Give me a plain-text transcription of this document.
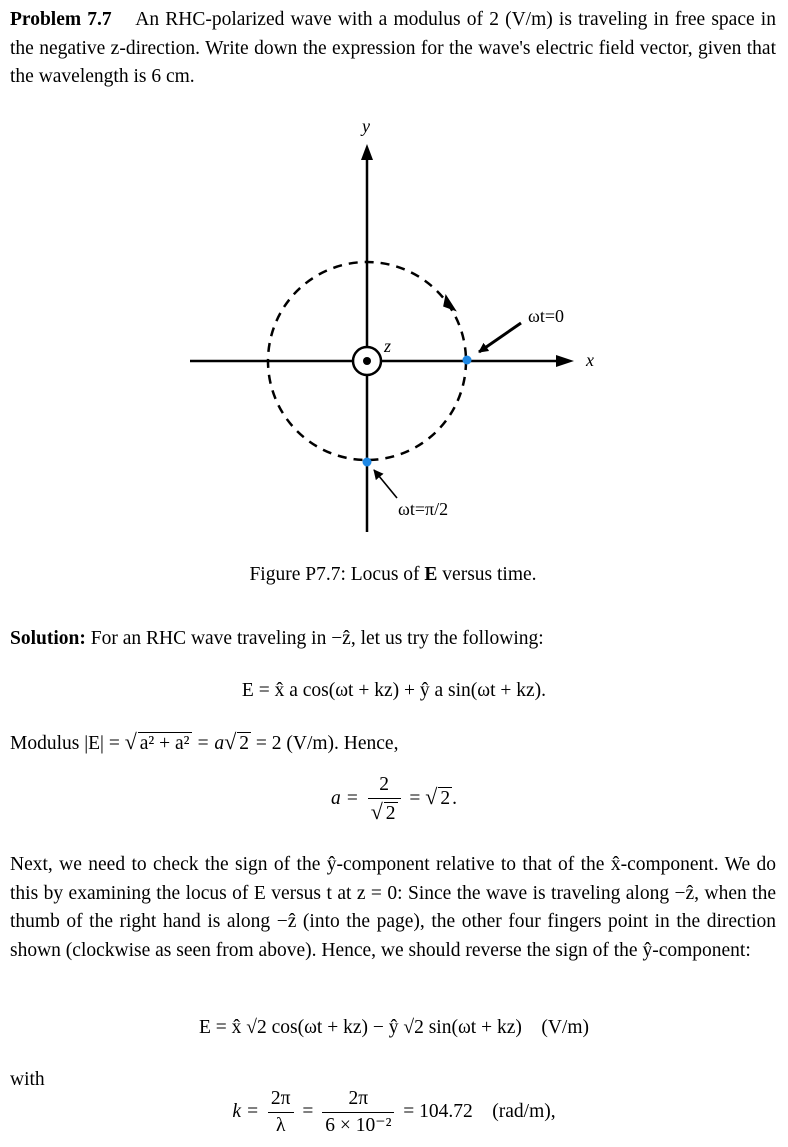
Problem 7.7 An RHC-polarized wave with a modulus of 2 (V/m) is traveling in free space in the negative z-direction. Write down the expression for the wave's electric field vector, given that the wavelength is 6 cm.
y
x
z
ωt=0
ωt=π/2
Figure P7.7: Locus of E versus time.
Solution: For an RHC wave traveling in −ẑ, let us try the following:
E = x̂ a cos(ωt + kz) + ŷ a sin(ωt + kz).
Modulus |E| = √ a² + a² = a√ 2 = 2 (V/m). Hence,
$a = \frac{2}{√ 2}$ = √ 2 .
Next, we need to check the sign of the ŷ-component relative to that of the x̂-component. We do this by examining the locus of E versus t at z = 0: Since the wave is traveling along −ẑ, when the thumb of the right hand is along −ẑ (into the page), the other four fingers point in the direction shown (clockwise as seen from above). Hence, we should reverse the sign of the ŷ-component:
E = x̂ √2 cos(ωt + kz) − ŷ √2 sin(ωt + kz)    (V/m)
with
$k = \frac{2\pi}{\lambda} = \frac{2\pi}{\text{6 × 10⁻²}} = 104.72$    (rad/m),
